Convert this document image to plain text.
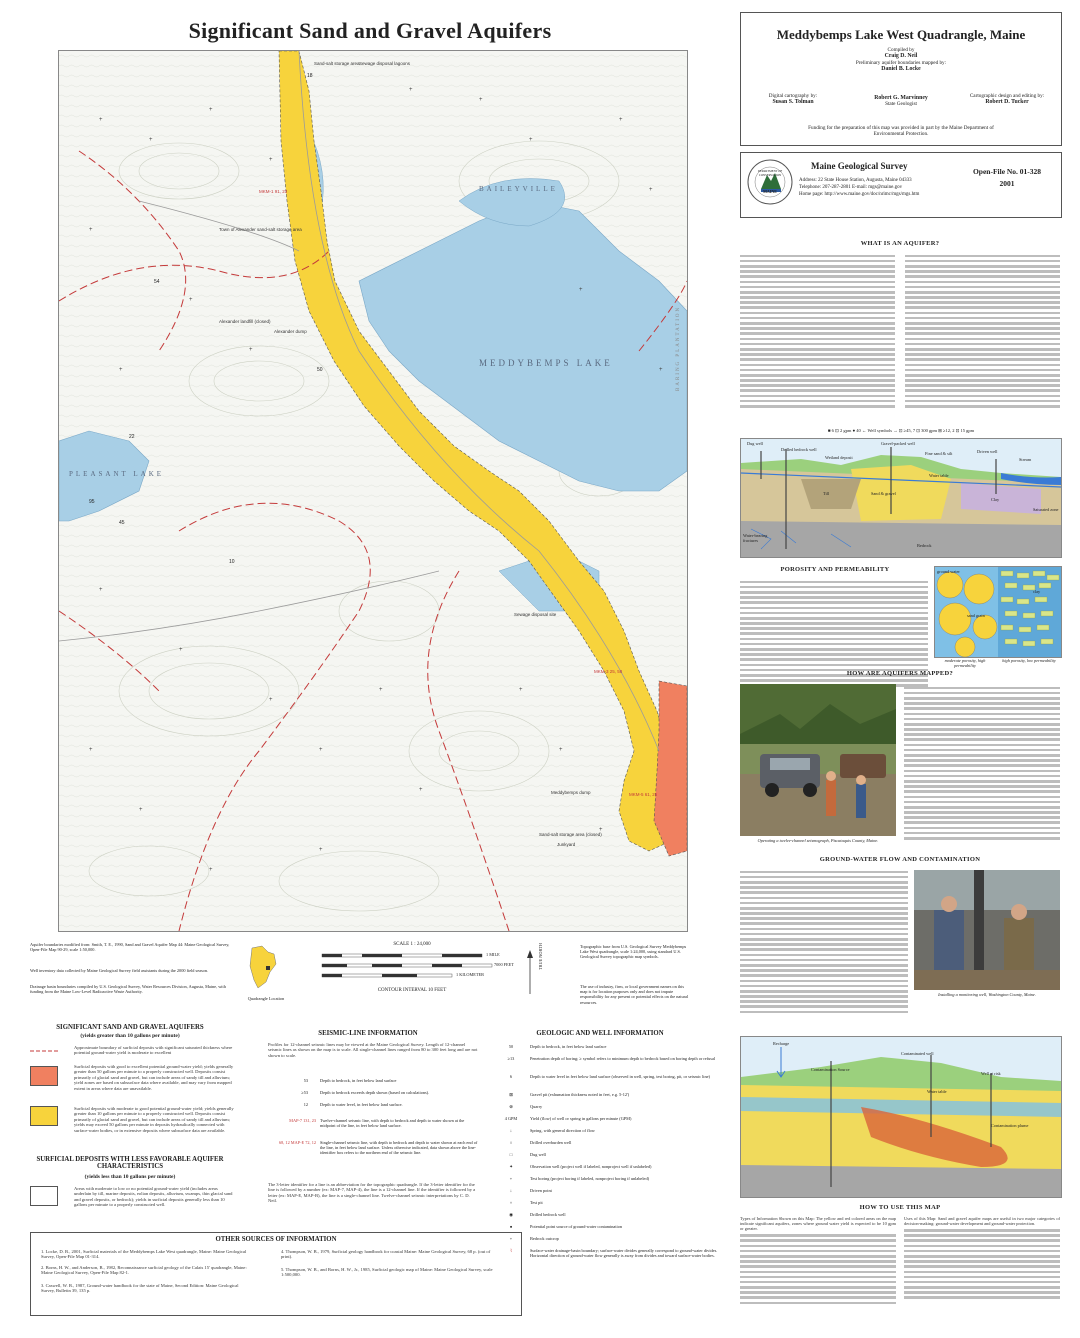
Significant Sand and Gravel Aquifers
+
+
+
+
+
+
+
+
+
+
+
+
+
+
+
+
+
+
+
+
+
+
+
+
+
+
+
+
54
22
45
10
95
18
50
Sand-salt storage area Sewage disposal lagoons
Town of Alexander sand-salt storage area
Alexander landfill (closed)
Alexander dump
Sewage disposal site
Meddybemps dump
Sand-salt storage area (closed)
Junkyard
MKM-1 91, 23
MKM-3 25, 58
MKM-5 61, 25
MEDDYBEMPS LAKE
PLEASANT LAKE
BAILEYVILLE
BARING PLANTATION
Aquifer boundaries modified from: Smith, T. E., 1990, Sand and Gravel Aquifer Map 44: Maine Geological Survey, Open-File Map 90-29, scale 1:50,000.
Well inventory data collected by Maine Geological Survey field assistants during the 2000 field season.
Drainage basin boundaries compiled by U.S. Geological Survey, Water Resources Division, Augusta, Maine, with funding from the Maine Low-Level Radioactive Waste Authority.
Quadrangle Location
SCALE 1 : 24,000
1 MILE
7000 FEET
1 KILOMETER
CONTOUR INTERVAL 10 FEET
TRUE NORTH	Topographic base from U.S. Geological Survey Meddybemps Lake West quadrangle, scale 1:24,000, using standard U.S. Geological Survey topographic map symbols.
The use of industry, firm, or local government names on this map is for location purposes only and does not impute responsibility for any present or potential effects on the natural resources.
Meddybemps Lake West Quadrangle, Maine
Compiled by
Craig D. Neil
Preliminary aquifer boundaries mapped by:
Daniel B. Locke
Digital cartography by:
Susan S. Tolman
Robert G. Marvinney
State Geologist
Cartographic design and editing by:
Robert D. Tucker
Funding for the preparation of this map was provided in part by the Maine Department of Environmental Protection.
DEPARTMENT OF CONSERVATION
MAINE
Maine Geological Survey
Address: 22 State House Station, Augusta, Maine 04333
Telephone: 207-287-2801 E-mail: mgs@maine.gov
Home page: http://www.maine.gov/doc/nrimc/mgs/mgs.htm
Open-File No. 01-328
2001
WHAT IS AN AQUIFER?
■ 6 ⊡ 2 gpm ● 40 ← Well symbols → ⊡ ≥45, 7 ⊡ 300 gpm ⊞ ≥12, 2 ⊡ 15 gpm
Dug well
Drilled bedrock well
Wetland deposit
Gravel-packed well
Fine sand & silt	Driven well
Stream
Water table
Sand & gravel
Till
Clay
Saturated zone
Water-bearing fractures
Bedrock
POROSITY AND PERMEABILITY	ground water
clay
sand grain
moderate porosity, high permeability
high porosity, low permeability
HOW ARE AQUIFERS MAPPED?
Operating a twelve-channel seismograph, Piscataquis County, Maine.
GROUND-WATER FLOW AND CONTAMINATION
Installing a monitoring well, Washington County, Maine.
Recharge
Contaminated well
Contamination Source
Well at risk
Water table
Contamination plume
HOW TO USE THIS MAP
Types of Information Shown on this Map: The yellow and red colored areas on the map indicate significant aquifers, zones where ground water yield is expected to be 10 gpm or greater.
Uses of this Map: Sand and gravel aquifer maps are useful in two major categories of decision-making: ground-water development and ground-water protection.
SIGNIFICANT SAND AND GRAVEL AQUIFERS
(yields greater than 10 gallons per minute)
Approximate boundary of surficial deposits with significant saturated thickness where potential ground-water yield is moderate to excellent
Surficial deposits with good to excellent potential ground-water yield; yields generally greater than 50 gallons per minute to a properly constructed well. Deposits consist primarily of glacial sand and gravel, but can include areas of sandy till and alluvium; yield zones are based on subsurface data where available, and may vary from mapped extent in areas where data are unavailable.
Surficial deposits with moderate to good potential ground-water yield; yields generally greater than 10 gallons per minute to a properly constructed well. Deposits consist primarily of glacial sand and gravel, but can include areas of sandy till and alluvium; yields may exceed 50 gallons per minute in deposits hydraulically connected with surface-water bodies, or in extensive deposits where subsurface data are available.
SURFICIAL DEPOSITS WITH LESS FAVORABLE AQUIFER CHARACTERISTICS
(yields less than 10 gallons per minute)
Areas with moderate to low or no potential ground-water yield (includes areas underlain by till, marine deposits, eolian deposits, alluvium, swamps, thin glacial sand and gravel deposits, or bedrock); yields in surficial deposits generally less than 10 gallons per minute to a properly constructed well.
SEISMIC-LINE INFORMATION
Profiles for 12-channel seismic lines may be viewed at the Maine Geological Survey. Length of 12-channel seismic lines as shown on the map is to scale. All single-channel lines ranged from 80 to 300 feet long and are not shown to scale.
53	Depth to bedrock, in feet below land surface
≥53	Depth to bedrock exceeds depth shown (based on calculations).
12	Depth to water level, in feet below land surface.
MAP-7 131, 23 Twelve-channel seismic line, with depth to bedrock and depth to water shown at the midpoint of the line, in feet below land surface.
68, 12 MAP-E 72, 12 Single-channel seismic line, with depth to bedrock and depth to water shown at each end of the line, in feet below land surface. Unless otherwise indicated, data shown above the line-identifier box refers to the northern end of the seismic line.
The 3-letter identifier for a line is an abbreviation for the topographic quadrangle. If the 3-letter identifier for the line is followed by a number (ex: MAP-7, MAP-4), the line is a 12-channel line. If the identifier is followed by a letter (ex: MAP-E, MAP-B), the line is a single-channel line. Twelve-channel seismic interpretations by C. D. Neil.
GEOLOGIC AND WELL INFORMATION
50	Depth to bedrock, in feet below land surface
≥13	Penetration depth of boring; ≥ symbol refers to minimum depth to bedrock based on boring depth or refusal
6	Depth to water level in feet below land surface (observed in well, spring, test boring, pit, or seismic line)
⊠	Gravel pit (exhumation thickness noted in feet, e.g. 5-12')
⊗	Quarry
4 GPM	Yield (flow) of well or spring in gallons per minute (GPM)
↓	Spring, with general direction of flow
○	Drilled overburden well
□	Dug well
✦	Observation well (project well if labeled, nonproject well if unlabeled)
+	Test boring (project boring if labeled, nonproject boring if unlabeled)
↓	Driven point
×	Test pit
◉	Drilled bedrock well
●	Potential point source of ground-water contamination
+	Bedrock outcrop
⌇	Surface-water drainage-basin boundary; surface-water divides generally correspond to ground-water divides. Horizontal direction of ground-water flow generally is away from divides and toward surface-water bodies.
OTHER SOURCES OF INFORMATION
1. Locke, D. B., 2001, Surficial materials of the Meddybemps Lake West quadrangle, Maine: Maine Geological Survey, Open-File Map 01-314.
2. Borns, H. W., and Anderson, B., 1982, Reconnaissance surficial geology of the Calais 15' quadrangle, Maine: Maine Geological Survey, Open-File Map 82-1.
3. Caswell, W. B., 1987, Ground-water handbook for the state of Maine, Second Edition: Maine Geological Survey, Bulletin 39, 135 p.
4. Thompson, W. B., 1979, Surficial geology handbook for coastal Maine: Maine Geological Survey, 68 p. (out of print).
5. Thompson, W. B., and Borns, H. W., Jr., 1985, Surficial geologic map of Maine: Maine Geological Survey, scale 1:500,000.
